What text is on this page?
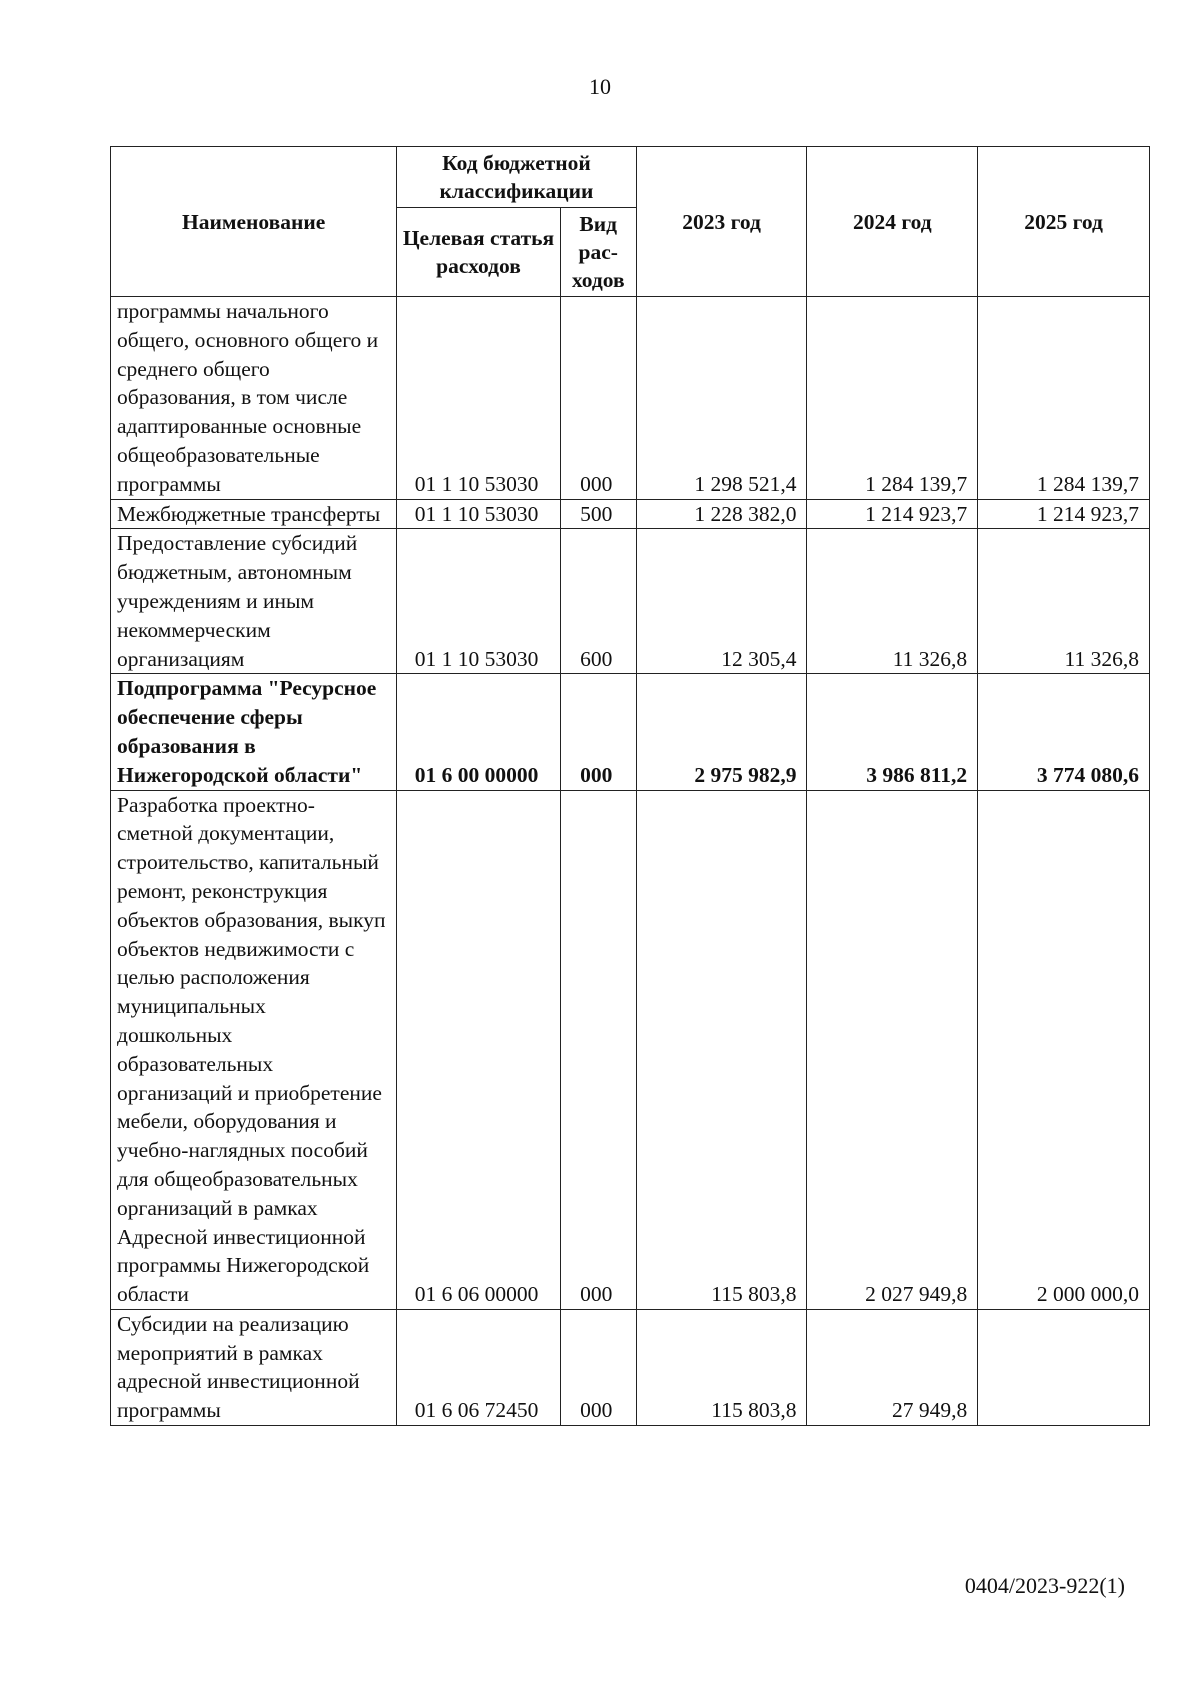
10
Наименование	Код бюджетной классификации		2023 год	2024 год	2025 год
	Целевая статья расходов	Вид рас-ходов			
программы начального общего, основного общего и среднего общего образования, в том числе адаптированные основные общеобразовательные программы	01 1 10 53030	000	1 298 521,4	1 284 139,7	1 284 139,7
Межбюджетные трансферты	01 1 10 53030	500	1 228 382,0	1 214 923,7	1 214 923,7
Предоставление субсидий бюджетным, автономным учреждениям и иным некоммерческим организациям	01 1 10 53030	600	12 305,4	11 326,8	11 326,8
Подпрограмма "Ресурсное обеспечение сферы образования в Нижегородской области"	01 6 00 00000	000	2 975 982,9	3 986 811,2	3 774 080,6
Разработка проектно-сметной документации, строительство, капитальный ремонт, реконструкция объектов образования, выкуп объектов недвижимости с целью расположения муниципальных дошкольных образовательных организаций и приобретение мебели, оборудования и учебно-наглядных пособий для общеобразовательных организаций в рамках Адресной инвестиционной программы Нижегородской области	01 6 06 00000	000	115 803,8	2 027 949,8	2 000 000,0
Субсидии на реализацию мероприятий в рамках адресной инвестиционной программы	01 6 06 72450	000	115 803,8	27 949,8	
0404/2023-922(1)
